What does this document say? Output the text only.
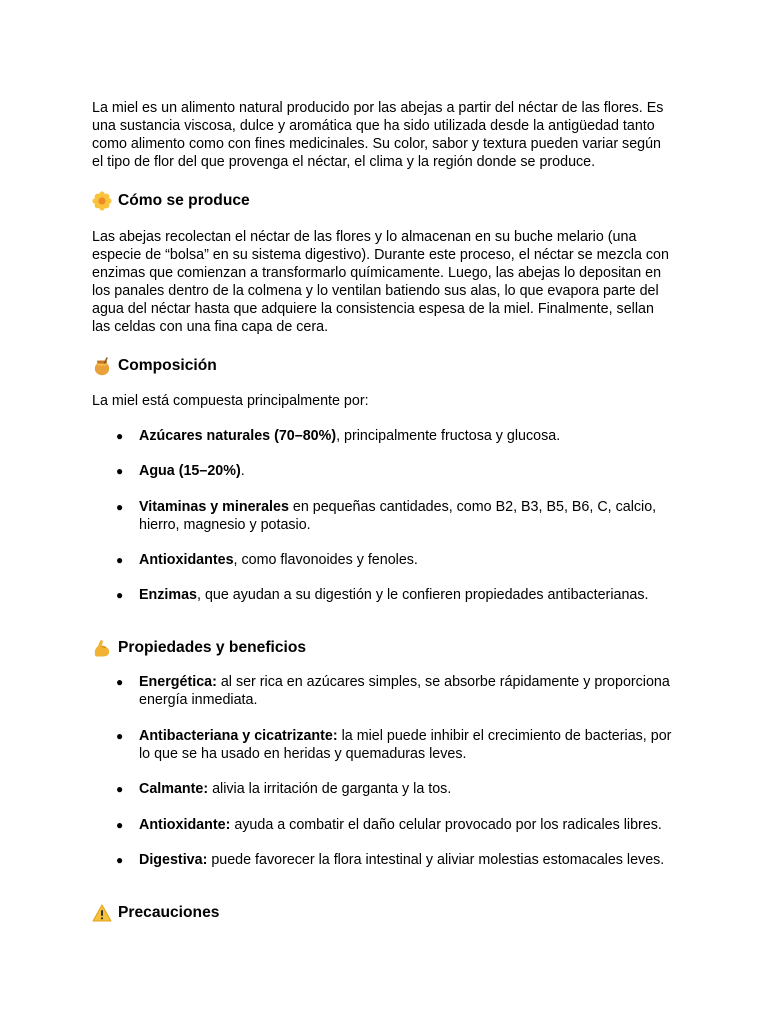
La miel es un alimento natural producido por las abejas a partir del néctar de las flores. Es una sustancia viscosa, dulce y aromática que ha sido utilizada desde la antigüedad tanto como alimento como con fines medicinales. Su color, sabor y textura pueden variar según el tipo de flor del que provenga el néctar, el clima y la región donde se produce.

Cómo se produce

Las abejas recolectan el néctar de las flores y lo almacenan en su buche melario (una especie de “bolsa” en su sistema digestivo). Durante este proceso, el néctar se mezcla con enzimas que comienzan a transformarlo químicamente. Luego, las abejas lo depositan en los panales dentro de la colmena y lo ventilan batiendo sus alas, lo que evapora parte del agua del néctar hasta que adquiere la consistencia espesa de la miel. Finalmente, sellan las celdas con una fina capa de cera.

Composición

La miel está compuesta principalmente por:

● Azúcares naturales (70–80%), principalmente fructosa y glucosa.
● Agua (15–20%).
● Vitaminas y minerales en pequeñas cantidades, como B2, B3, B5, B6, C, calcio, hierro, magnesio y potasio.
● Antioxidantes, como flavonoides y fenoles.
● Enzimas, que ayudan a su digestión y le confieren propiedades antibacterianas.
Propiedades y beneficios
● Energética: al ser rica en azúcares simples, se absorbe rápidamente y proporciona energía inmediata.
● Antibacteriana y cicatrizante: la miel puede inhibir el crecimiento de bacterias, por lo que se ha usado en heridas y quemaduras leves.
● Calmante: alivia la irritación de garganta y la tos.
● Antioxidante: ayuda a combatir el daño celular provocado por los radicales libres.
● Digestiva: puede favorecer la flora intestinal y aliviar molestias estomacales leves.
Precauciones
